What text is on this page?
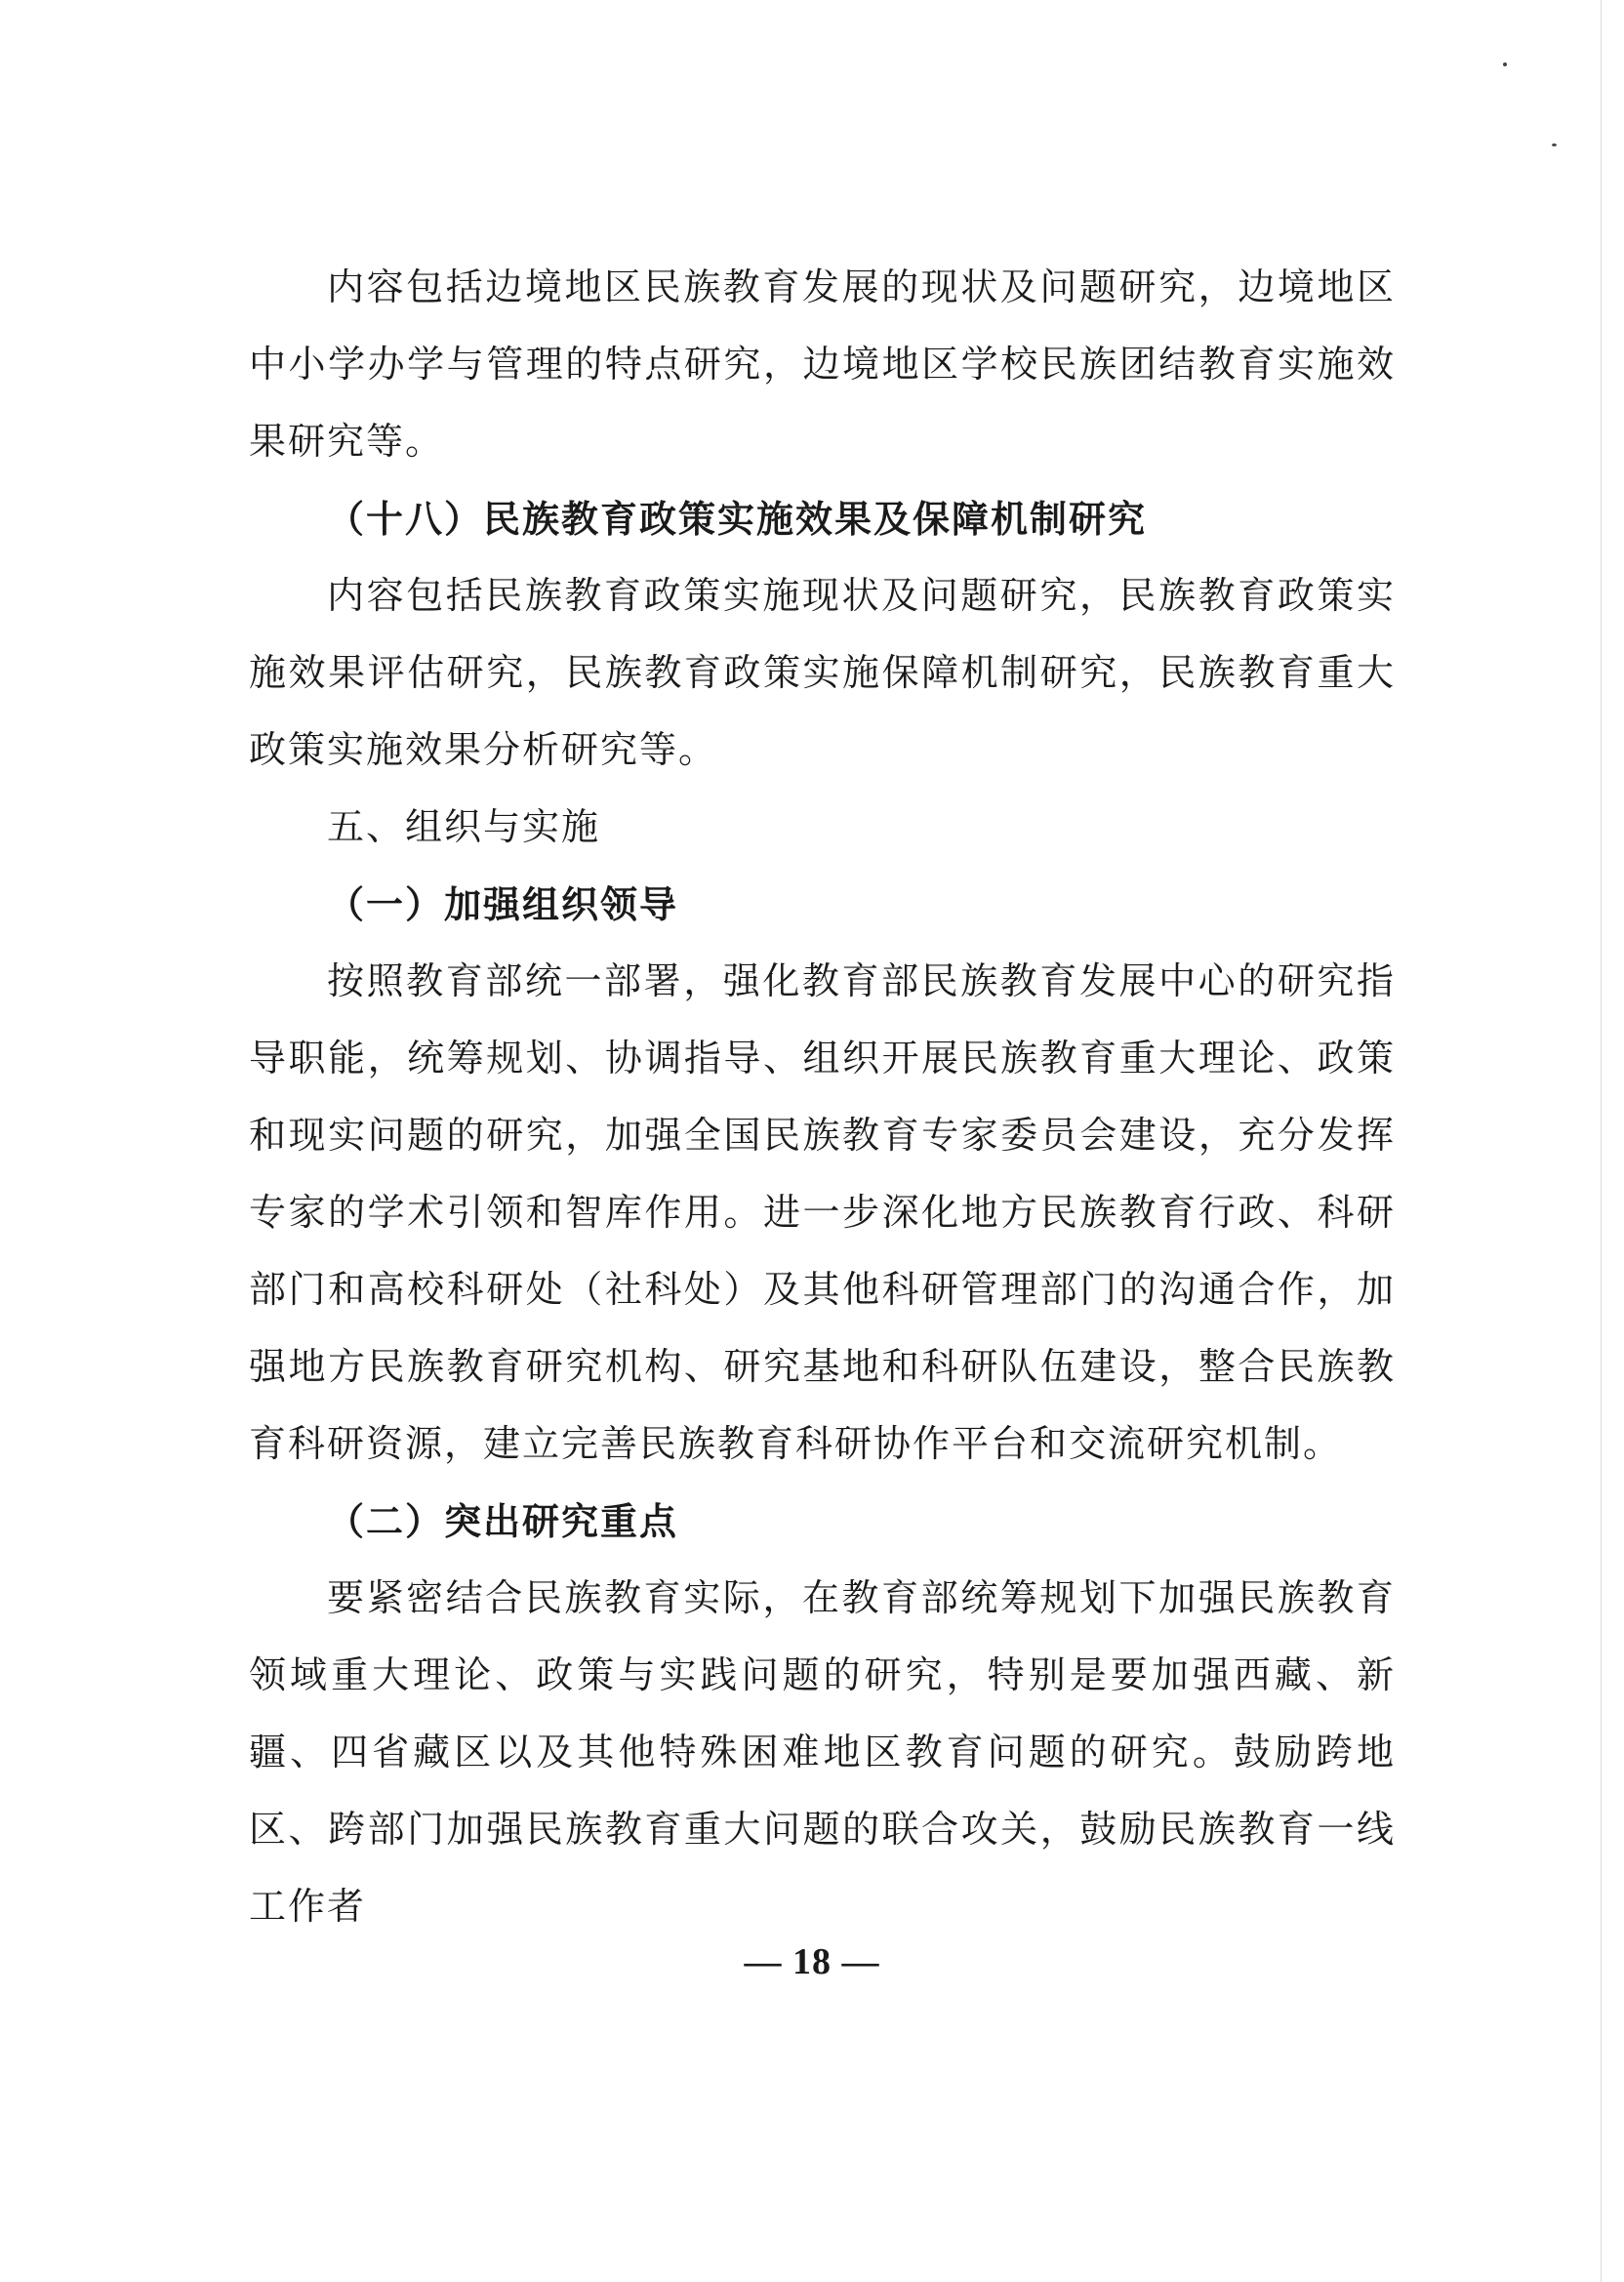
内容包括边境地区民族教育发展的现状及问题研究，边境地区中小学办学与管理的特点研究，边境地区学校民族团结教育实施效果研究等。

（十八）民族教育政策实施效果及保障机制研究

内容包括民族教育政策实施现状及问题研究，民族教育政策实施效果评估研究，民族教育政策实施保障机制研究，民族教育重大政策实施效果分析研究等。

五、组织与实施

（一）加强组织领导

按照教育部统一部署，强化教育部民族教育发展中心的研究指导职能，统筹规划、协调指导、组织开展民族教育重大理论、政策和现实问题的研究，加强全国民族教育专家委员会建设，充分发挥专家的学术引领和智库作用。进一步深化地方民族教育行政、科研部门和高校科研处（社科处）及其他科研管理部门的沟通合作，加强地方民族教育研究机构、研究基地和科研队伍建设，整合民族教育科研资源，建立完善民族教育科研协作平台和交流研究机制。

（二）突出研究重点

要紧密结合民族教育实际，在教育部统筹规划下加强民族教育领域重大理论、政策与实践问题的研究，特别是要加强西藏、新疆、四省藏区以及其他特殊困难地区教育问题的研究。鼓励跨地区、跨部门加强民族教育重大问题的联合攻关，鼓励民族教育一线工作者

— 18 —
